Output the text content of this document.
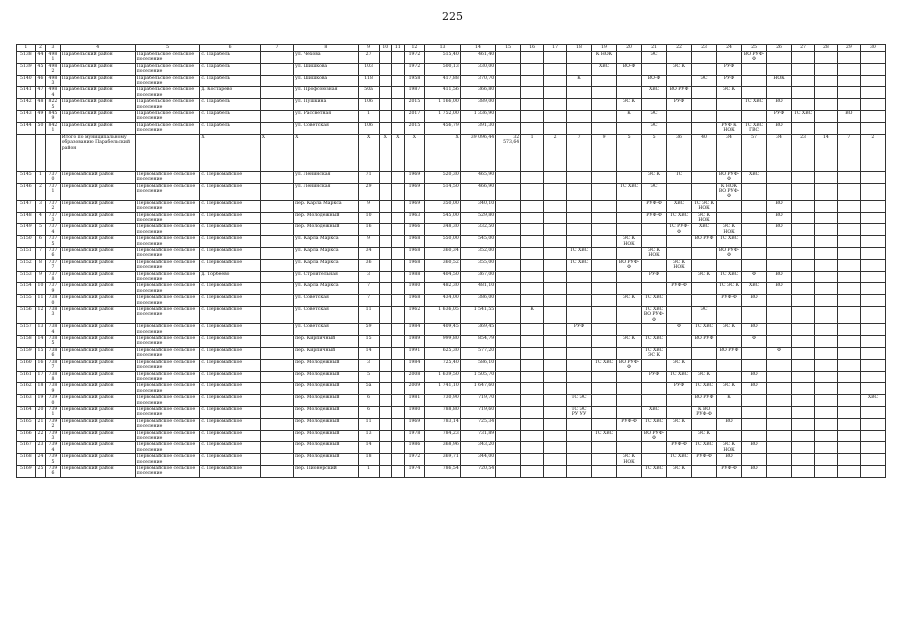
225
1	2	3	4	5	6	7	8	9	10	11	12	13	14	15	16	17	18	19	20	21	22	23	24	25	26	27	28	29	30
5138	44	4981	Парабельский район	Парабельское сельское поселение	с. Парабель		ул. Чехова	27			1972	515,40	461,40					К НОК		ЭС				ВО РУФ-Ф					
5139	45	4982	Парабельский район	Парабельское сельское поселение	с. Парабель		ул. Шишкова	103			1972	500,13	330,00					ХВС	ВО-Ф		ЭС К		РУФ						
5140	46	4983	Парабельский район	Парабельское сельское поселение	с. Парабель		ул. Шишкова	118			1958	417,88	370,70				К			ВО-Ф		ЭС	РУФ		НОК				
5141	47	4984	Парабельский район	Парабельское сельское поселение	д. Костарево		ул. Профсоюзная	50а			1987	411,56	366,80							ХВС	ВО РУФ		ЭС К						
5142	48	8225	Парабельский район	Парабельское сельское поселение	с. Парабель		ул. Пушкина	106			2015	1 166,00	389,00						ЭС К		РУФ			ТС ХВС	ВО				
5143	49	8459	Парабельский район	Парабельское сельское поселение	с. Парабель		ул. Рассветная	1			2017	1 752,00	1 336,90						К	ЭС					РУФ	ТС ХВС		ВО	
5144	50	8421	Парабельский район	Парабельское сельское поселение	с. Парабель		ул. Советская	106			2015	456,79	391,30							ЭС			РУФ К НОК	ТС ХВС ГВС	ВО				
			Итого по муниципальному образованию Парабельский район		X	X	X	X	X	X	X	X	39 096,44	32 573,64	1	2	7	9	5	5	36	40	34	57	34	23	14	7	2
5145	1	7370	Первомайский район	Первомайское сельское поселение	с. Первомайское		ул. Ленинская	71			1969	520,30	465,90							ЭС К	ТС		ВО РУФ-Ф	ХВС					
5146	2	7371	Первомайский район	Первомайское сельское поселение	с. Первомайское		ул. Ленинская	29			1969	514,50	466,90						ТС ХВС	ЭС			К НОК ВО РУФ-Ф						
5147	3	7372	Первомайский район	Первомайское сельское поселение	с. Первомайское		пер. Карла Маркса	9			1969	350,00	340,10							РУФ-Ф	ХВС	ТС ЭС К НОК			ВО				
5148	4	7373	Первомайский район	Первомайское сельское поселение	с. Первомайское		пер. Молодежный	10			1963	545,00	529,80							РУФ-Ф	ТС ХВС	ЭС К НОК			ВО				
5149	5	7374	Первомайский район	Первомайское сельское поселение	с. Первомайское		пер. Молодежный	16			1966	348,30	332,50								ТС РУФ-Ф	ХВС	ЭС К НОК		ВО				
5150	6	7375	Первомайский район	Первомайское сельское поселение	с. Первомайское		ул. Карла Маркса	9			1968	550,00	545,00						ЭС К НОК			ВО РУФ	ТС ХВС						
5151	7	7376	Первомайский район	Первомайское сельское поселение	с. Первомайское		ул. Карла Маркса	34			1968	360,34	352,00				ТС ХВС			ЭС К НОК			ВО РУФ-Ф						
5152	8	7377	Первомайский район	Первомайское сельское поселение	с. Первомайское		ул. Карла Маркса	36			1968	360,52	355,00				ТС ХВС		ВО РУФ-Ф		ЭС К НОК								
5153	9	7378	Первомайский район	Первомайское сельское поселение	д. Торбеево		ул. Строительная	3			1988	404,50	367,00							РУФ		ЭС К	ТС ХВС	Ф	ВО				
5154	10	7379	Первомайский район	Первомайское сельское поселение	с. Первомайское		ул. Карла Маркса	7			1980	482,30	481,10								РУФ-Ф		ТС ЭС К	ХВС	ВО				
5155	11	7380	Первомайский район	Первомайское сельское поселение	с. Первомайское		ул. Советская	7			1968	434,00	386,00						ЭС К	ТС ХВС			РУФ-Ф	ВО					
5156	12	7383	Первомайский район	Первомайское сельское поселение	с. Первомайское		ул. Советская	11			1962	1 636,05	1 541,55		К					ТС ХВС ВО РУФ-Ф		ЭС							
5157	13	7384	Первомайский район	Первомайское сельское поселение	с. Первомайское		ул. Советская	59			1984	409,45	369,45				РУФ				Ф	ТС ХВС	ЭС К	ВО					
5158	14	7385	Первомайский район	Первомайское сельское поселение	с. Первомайское		пер. Кирпичный	15			1989	999,80	854,79						ЭС К	ТС ХВС		ВО РУФ		Ф					
5159	15	7386	Первомайский район	Первомайское сельское поселение	с. Первомайское		пер. Кирпичный	14			1991	625,30	577,20							ТС ХВС ЭС К			ВО РУФ		Ф				
5160	16	7387	Первомайский район	Первомайское сельское поселение	с. Первомайское		пер. Молодежный	3			1984	725,40	586,10					ТС ХВС	ВО РУФ-Ф		ЭС К								
5161	17	7388	Первомайский район	Первомайское сельское поселение	с. Первомайское		пер. Молодежный	5			2008	1 639,50	1 505,70							РУФ	ТС ХВС	ЭС К		ВО					
5162	18	7389	Первомайский район	Первомайское сельское поселение	с. Первомайское		пер. Молодежный	5а			2009	1 741,10	1 647,60								РУФ	ТС ХВС	ЭС К	ВО					
5163	19	7390	Первомайский район	Первомайское сельское поселение	с. Первомайское		пер. Молодежный	6			1981	730,90	719,70				ТС ЭС					ВО РУФ	К						ХВС
5164	20	7391	Первомайский район	Первомайское сельское поселение	с. Первомайское		пер. Молодежный	6			1980	788,80	719,60				ТС ЭС РУ УУ			ХВС		К ВО РУФ-Ф							
5165	21	7392	Первомайский район	Первомайское сельское поселение	с. Первомайское		пер. Молодежный	11			1969	783,14	725,34						РУФ-Ф	ТС ХВС	ЭС К		ВО						
5166	22	7393	Первомайский район	Первомайское сельское поселение	с. Первомайское		пер. Молодежный	13			1978	784,23	731,89					ТС ХВС		ВО РУФ-Ф		ЭС К							
5167	23	7394	Первомайский район	Первомайское сельское поселение	с. Первомайское		пер. Молодежный	14			1986	368,96	343,20								РУФ-Ф	ТС ХВС	ЭС К НОК	ВО					
5168	24	7395	Первомайский район	Первомайское сельское поселение	с. Первомайское		пер. Молодежный	18			1972	369,71	344,00						ЭС К НОК		ТС ХВС	РУФ-Ф	ВО						
5169	25	7396	Первомайский район	Первомайское сельское поселение	с. Первомайское		пер. Пионерский	1			1974	786,54	720,54							ТС ХВС	ЭС К		РУФ-Ф	ВО					
